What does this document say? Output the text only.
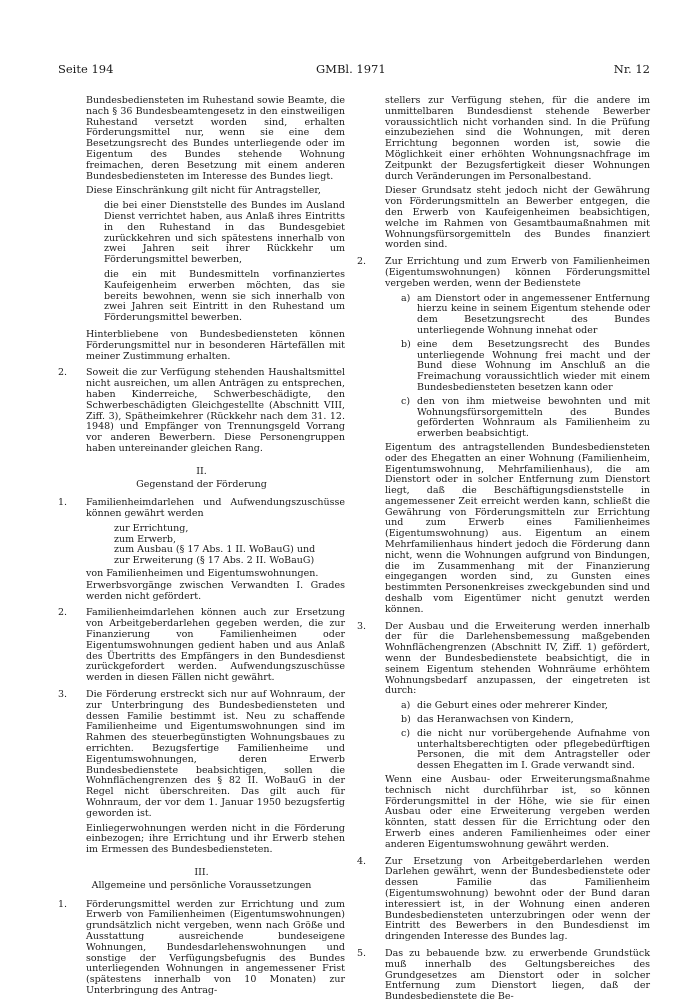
Seite 194	GMBl. 1971	Nr. 12

Bundesbediensteten im Ruhestand sowie Beamte, die nach § 36 Bundesbeamtengesetz in den einstweiligen Ruhestand versetzt worden sind, erhalten Förderungsmittel nur, wenn sie eine dem Besetzungsrecht des Bundes unterliegende oder im Eigentum des Bundes stehende Wohnung freimachen, deren Besetzung mit einem anderen Bundesbediensteten im Interesse des Bundes liegt.

Diese Einschränkung gilt nicht für Antragsteller,

die bei einer Dienststelle des Bundes im Ausland Dienst verrichtet haben, aus Anlaß ihres Eintritts in den Ruhestand in das Bundesgebiet zurückkehren und sich spätestens innerhalb von zwei Jahren seit ihrer Rückkehr um Förderungsmittel bewerben,

die ein mit Bundesmitteln vorfinanziertes Kaufeigenheim erwerben möchten, das sie bereits bewohnen, wenn sie sich innerhalb von zwei Jahren seit Eintritt in den Ruhestand um Förderungsmittel bewerben.

Hinterbliebene von Bundesbediensteten können Förderungsmittel nur in besonderen Härtefällen mit meiner Zustimmung erhalten.

2. Soweit die zur Verfügung stehenden Haushaltsmittel nicht ausreichen, um allen Anträgen zu entsprechen, haben Kinderreiche, Schwerbeschädigte, den Schwerbeschädigten Gleichgestellte (Abschnitt VIII, Ziff. 3), Spätheimkehrer (Rückkehr nach dem 31. 12. 1948) und Empfänger von Trennungsgeld Vorrang vor anderen Bewerbern. Diese Personengruppen haben untereinander gleichen Rang.
II.
Gegenstand der Förderung
1. Familienheimdarlehen und Aufwendungszuschüsse können gewährt werden
zur Errichtung,
zum Erwerb,
zum Ausbau (§ 17 Abs. 1 II. WoBauG) und
zur Erweiterung (§ 17 Abs. 2 II. WoBauG)

von Familienheimen und Eigentumswohnungen.

Erwerbsvorgänge zwischen Verwandten I. Grades werden nicht gefördert.

2. Familienheimdarlehen können auch zur Ersetzung von Arbeitgeberdarlehen gegeben werden, die zur Finanzierung von Familienheimen oder Eigentumswohnungen gedient haben und aus Anlaß des Übertritts des Empfängers in den Bundesdienst zurückgefordert werden. Aufwendungszuschüsse werden in diesen Fällen nicht gewährt.
3. Die Förderung erstreckt sich nur auf Wohnraum, der zur Unterbringung des Bundesbediensteten und dessen Familie bestimmt ist. Neu zu schaffende Familienheime und Eigentumswohnungen sind im Rahmen des steuerbegünstigten Wohnungsbaues zu errichten. Bezugsfertige Familienheime und Eigentumswohnungen, deren Erwerb Bundesbedienstete beabsichtigen, sollen die Wohnflächengrenzen des § 82 II. WoBauG in der Regel nicht überschreiten. Das gilt auch für Wohnraum, der vor dem 1. Januar 1950 bezugsfertig geworden ist.

Einliegerwohnungen werden nicht in die Förderung einbezogen; ihre Errichtung und ihr Erwerb stehen im Ermessen des Bundesbediensteten.

III.
Allgemeine und persönliche Voraussetzungen
1. Förderungsmittel werden zur Errichtung und zum Erwerb von Familienheimen (Eigentumswohnungen) grundsätzlich nicht vergeben, wenn nach Größe und Ausstattung ausreichende bundeseigene Wohnungen, Bundesdarlehenswohnungen und sonstige der Verfügungsbefugnis des Bundes unterliegenden Wohnungen in angemessener Frist (spätestens innerhalb von 10 Monaten) zur Unterbringung des Antrag-

stellers zur Verfügung stehen, für die andere im unmittelbaren Bundesdienst stehende Bewerber voraussichtlich nicht vorhanden sind. In die Prüfung einzubeziehen sind die Wohnungen, mit deren Errichtung begonnen worden ist, sowie die Möglichkeit einer erhöhten Wohnungsnachfrage im Zeitpunkt der Bezugsfertigkeit dieser Wohnungen durch Veränderungen im Personalbestand.

Dieser Grundsatz steht jedoch nicht der Gewährung von Förderungsmitteln an Bewerber entgegen, die den Erwerb von Kaufeigenheimen beabsichtigen, welche im Rahmen von Gesamtbaumaßnahmen mit Wohnungsfürsorgemitteln des Bundes finanziert worden sind.

2. Zur Errichtung und zum Erwerb von Familienheimen (Eigentumswohnungen) können Förderungsmittel vergeben werden, wenn der Bedienstete
a) am Dienstort oder in angemessener Entfernung hierzu keine in seinem Eigentum stehende oder dem Besetzungsrecht des Bundes unterliegende Wohnung innehat oder
b) eine dem Besetzungsrecht des Bundes unterliegende Wohnung frei macht und der Bund diese Wohnung im Anschluß an die Freimachung voraussichtlich wieder mit einem Bundesbediensteten besetzen kann oder
c) den von ihm mietweise bewohnten und mit Wohnungsfürsorgemitteln des Bundes geförderten Wohnraum als Familienheim zu erwerben beabsichtigt.

Eigentum des antragstellenden Bundesbediensteten oder des Ehegatten an einer Wohnung (Familienheim, Eigentumswohnung, Mehrfamilienhaus), die am Dienstort oder in solcher Entfernung zum Dienstort liegt, daß die Beschäftigungsdienststelle in angemessener Zeit erreicht werden kann, schließt die Gewährung von Förderungsmitteln zur Errichtung und zum Erwerb eines Familienheimes (Eigentumswohnung) aus. Eigentum an einem Mehrfamilienhaus hindert jedoch die Förderung dann nicht, wenn die Wohnungen aufgrund von Bindungen, die im Zusammenhang mit der Finanzierung eingegangen worden sind, zu Gunsten eines bestimmten Personenkreises zweckgebunden sind und deshalb vom Eigentümer nicht genutzt werden können.

3. Der Ausbau und die Erweiterung werden innerhalb der für die Darlehensbemessung maßgebenden Wohnflächengrenzen (Abschnitt IV, Ziff. 1) gefördert, wenn der Bundesbedienstete beabsichtigt, die in seinem Eigentum stehenden Wohnräume erhöhtem Wohnungsbedarf anzupassen, der eingetreten ist durch:
a) die Geburt eines oder mehrerer Kinder,
b) das Heranwachsen von Kindern,
c) die nicht nur vorübergehende Aufnahme von unterhaltsberechtigten oder pflegebedürftigen Personen, die mit dem Antragsteller oder dessen Ehegatten im I. Grade verwandt sind.

Wenn eine Ausbau- oder Erweiterungsmaßnahme technisch nicht durchführbar ist, so können Förderungsmittel in der Höhe, wie sie für einen Ausbau oder eine Erweiterung vergeben werden könnten, statt dessen für die Errichtung oder den Erwerb eines anderen Familienheimes oder einer anderen Eigentumswohnung gewährt werden.

4. Zur Ersetzung von Arbeitgeberdarlehen werden Darlehen gewährt, wenn der Bundesbedienstete oder dessen Familie das Familienheim (Eigentumswohnung) bewohnt oder der Bund daran interessiert ist, in der Wohnung einen anderen Bundesbediensteten unterzubringen oder wenn der Eintritt des Bewerbers in den Bundesdienst im dringenden Interesse des Bundes lag.
5. Das zu bebauende bzw. zu erwerbende Grundstück muß innerhalb des Geltungsbereiches des Grundgesetzes am Dienstort oder in solcher Entfernung zum Dienstort liegen, daß der Bundesbedienstete die Be-
